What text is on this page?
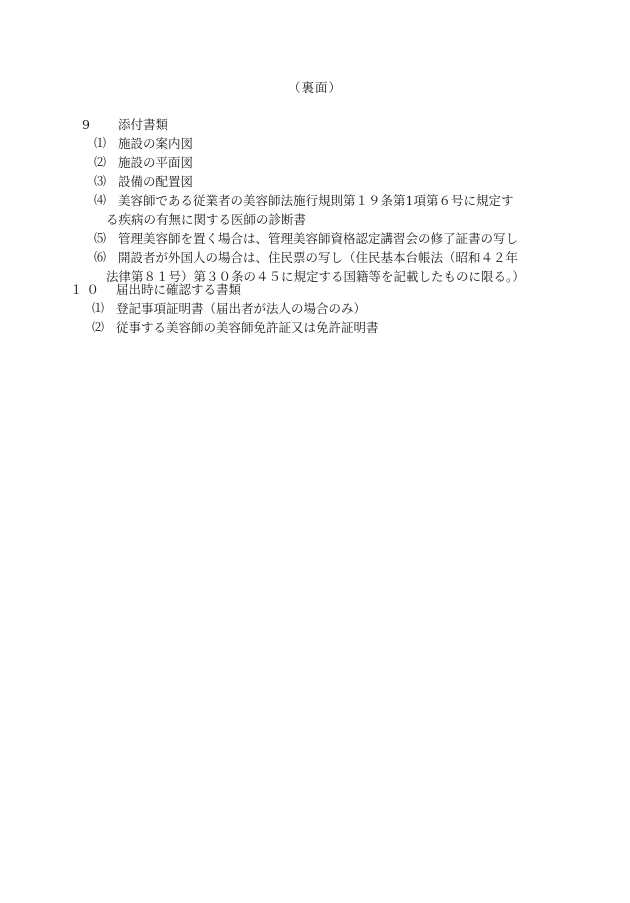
（裏面）
9	添付書類
⑴ 施設の案内図
⑵ 施設の平面図
⑶ 設備の配置図
⑷ 美容師である従業者の美容師法施行規則第１９条第1項第６号に規定す
る疾病の有無に関する医師の診断書
⑸ 管理美容師を置く場合は、管理美容師資格認定講習会の修了証書の写し
⑹ 開設者が外国人の場合は、住民票の写し（住民基本台帳法（昭和４２年
法律第８１号）第３０条の４５に規定する国籍等を記載したものに限る。）
１０	届出時に確認する書類
⑴ 登記事項証明書（届出者が法人の場合のみ）
⑵ 従事する美容師の美容師免許証又は免許証明書
